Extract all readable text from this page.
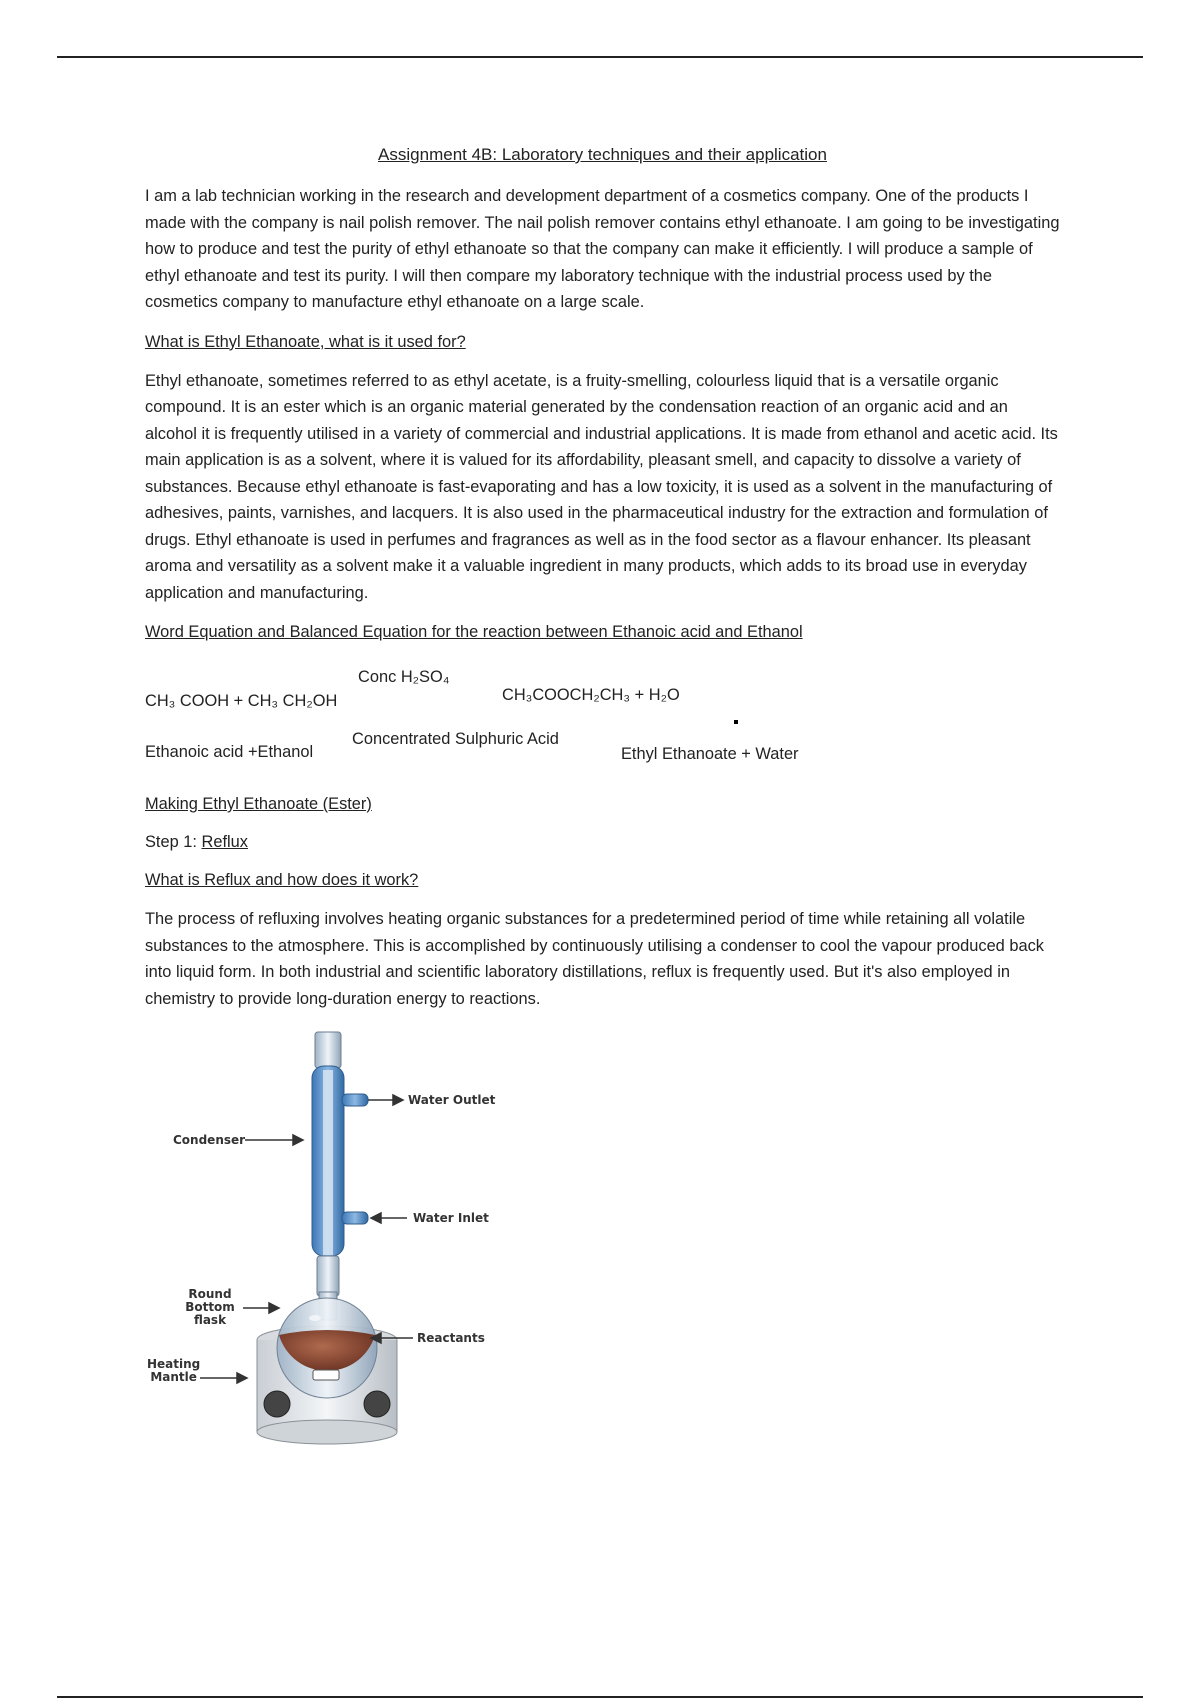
Assignment 4B: Laboratory techniques and their application

I am a lab technician working in the research and development department of a cosmetics company. One of the products I made with the company is nail polish remover. The nail polish remover contains ethyl ethanoate. I am going to be investigating how to produce and test the purity of ethyl ethanoate so that the company can make it efficiently. I will produce a sample of ethyl ethanoate and test its purity. I will then compare my laboratory technique with the industrial process used by the cosmetics company to manufacture ethyl ethanoate on a large scale.

What is Ethyl Ethanoate, what is it used for?

Ethyl ethanoate, sometimes referred to as ethyl acetate, is a fruity-smelling, colourless liquid that is a versatile organic compound. It is an ester which is an organic material generated by the condensation reaction of an organic acid and an alcohol it is frequently utilised in a variety of commercial and industrial applications. It is made from ethanol and acetic acid. Its main application is as a solvent, where it is valued for its affordability, pleasant smell, and capacity to dissolve a variety of substances. Because ethyl ethanoate is fast-evaporating and has a low toxicity, it is used as a solvent in the manufacturing of adhesives, paints, varnishes, and lacquers. It is also used in the pharmaceutical industry for the extraction and formulation of drugs. Ethyl ethanoate is used in perfumes and fragrances as well as in the food sector as a flavour enhancer. Its pleasant aroma and versatility as a solvent make it a valuable ingredient in many products, which adds to its broad use in everyday application and manufacturing.

Word Equation and Balanced Equation for the reaction between Ethanoic acid and Ethanol

Conc H₂SO₄
CH₃ COOH + CH₃ CH₂OH	CH₃COOCH₂CH₃ + H₂O
Concentrated Sulphuric Acid
Ethanoic acid +Ethanol	Ethyl Ethanoate + Water

Making Ethyl Ethanoate (Ester)

Step 1: Reflux

What is Reflux and how does it work?

The process of refluxing involves heating organic substances for a predetermined period of time while retaining all volatile substances to the atmosphere. This is accomplished by continuously utilising a condenser to cool the vapour produced back into liquid form. In both industrial and scientific laboratory distillations, reflux is frequently used. But it's also employed in chemistry to provide long-duration energy to reactions.

Water Outlet
Condenser
Water Inlet
Round Bottom
flask
Reactants
Heating
Mantle
